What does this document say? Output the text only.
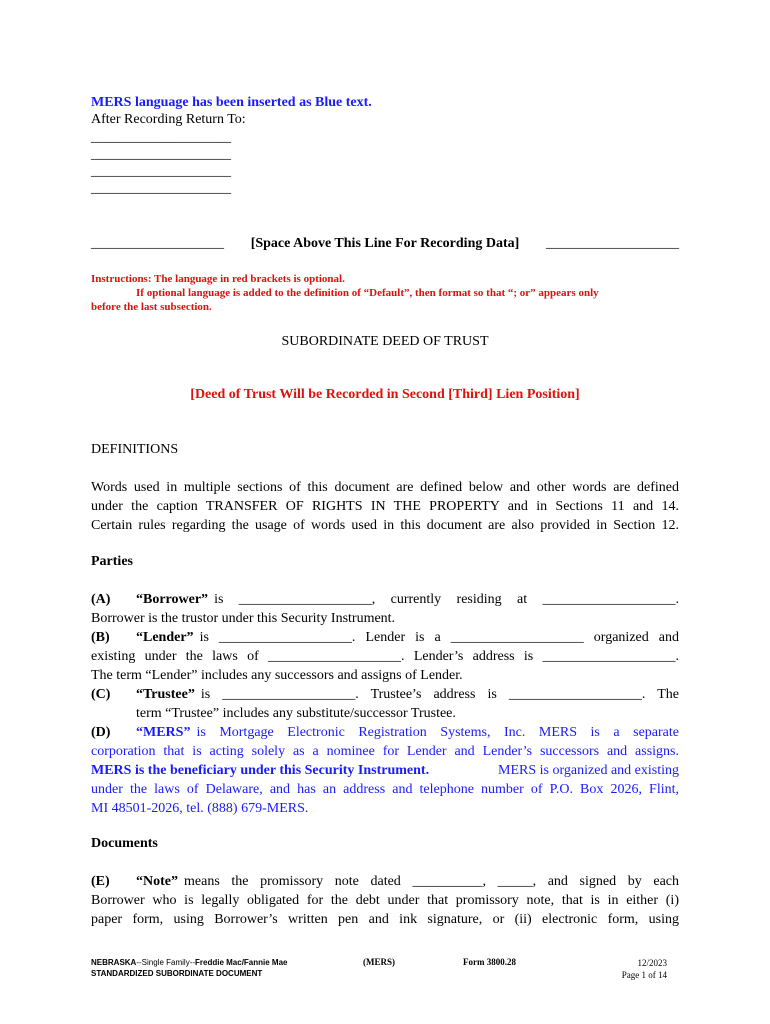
MERS language has been inserted as Blue text.
After Recording Return To:
____________________
____________________
____________________
____________________
___________________ [Space Above This Line For Recording Data] ___________________
Instructions: The language in red brackets is optional.
If optional language is added to the definition of “Default”, then format so that “; or” appears only
before the last subsection.
SUBORDINATE DEED OF TRUST
[Deed of Trust Will be Recorded in Second [Third] Lien Position]
DEFINITIONS
Words used in multiple sections of this document are defined below and other words are defined
under the caption TRANSFER OF RIGHTS IN THE PROPERTY and in Sections 11 and 14.
Certain rules regarding the usage of words used in this document are also provided in Section 12.
Parties
(A)	“Borrower” is ___________________, currently residing at ___________________.
Borrower is the trustor under this Security Instrument.
(B)	“Lender” is ___________________. Lender is a ___________________ organized and
existing under the laws of ___________________. Lender’s address is ___________________.
The term “Lender” includes any successors and assigns of Lender.
(C)	“Trustee” is ___________________. Trustee’s address is ___________________. The
term “Trustee” includes any substitute/successor Trustee.
(D)	“MERS” is Mortgage Electronic Registration Systems, Inc. MERS is a separate
corporation that is acting solely as a nominee for Lender and Lender’s successors and assigns.
MERS is the beneficiary under this Security Instrument.	MERS is organized and existing
under the laws of Delaware, and has an address and telephone number of P.O. Box 2026, Flint,
MI 48501-2026, tel. (888) 679-MERS.
Documents
(E)	“Note” means the promissory note dated __________, _____, and signed by each
Borrower who is legally obligated for the debt under that promissory note, that is in either (i)
paper form, using Borrower’s written pen and ink signature, or (ii) electronic form, using
NEBRASKA--Single Family--Freddie Mac/Fannie Mae
STANDARDIZED SUBORDINATE DOCUMENT
(MERS)	Form 3800.28	12/2023
Page 1 of 14
